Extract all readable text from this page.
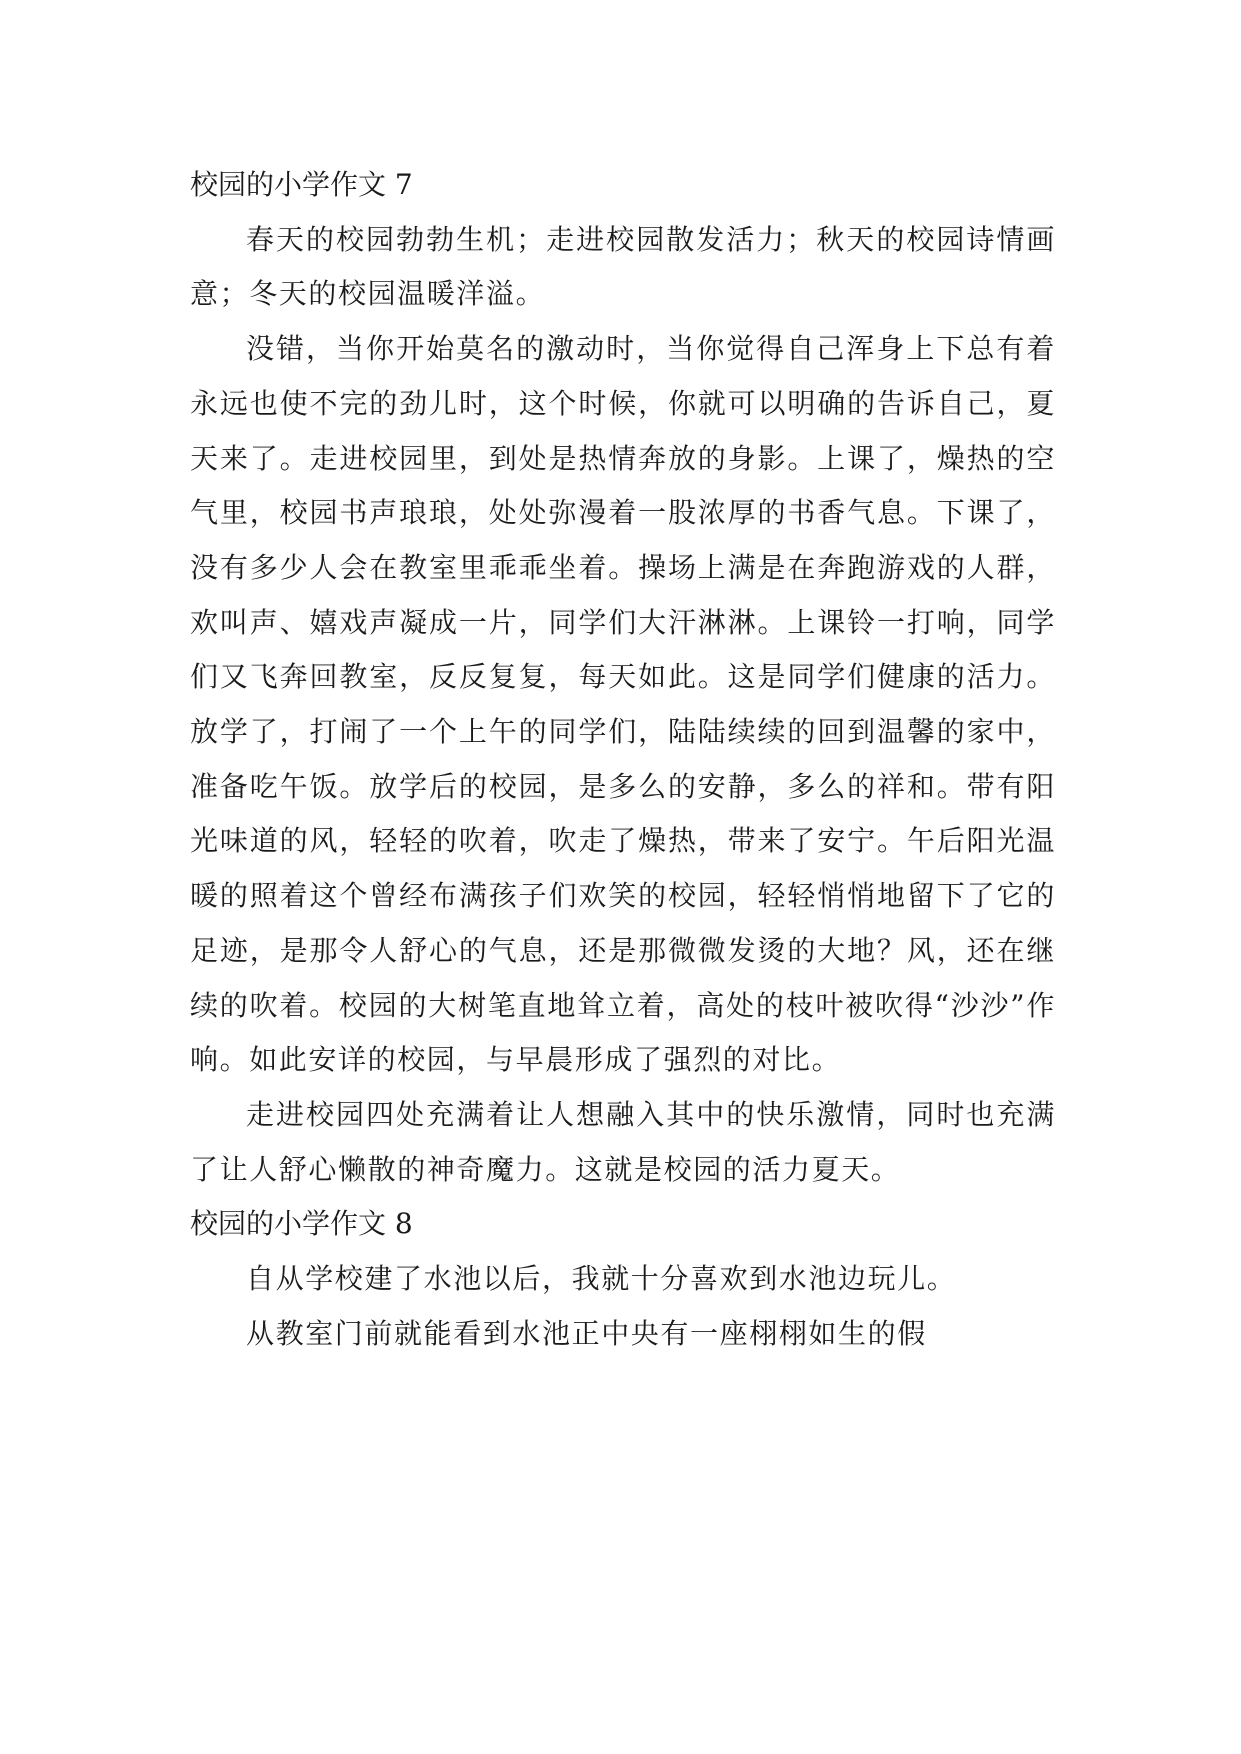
校园的小学作文 7

春天的校园勃勃生机；走进校园散发活力；秋天的校园诗情画意；冬天的校园温暖洋溢。

没错，当你开始莫名的激动时，当你觉得自己浑身上下总有着永远也使不完的劲儿时，这个时候，你就可以明确的告诉自己，夏天来了。走进校园里，到处是热情奔放的身影。上课了，燥热的空气里，校园书声琅琅，处处弥漫着一股浓厚的书香气息。下课了，没有多少人会在教室里乖乖坐着。操场上满是在奔跑游戏的人群，欢叫声、嬉戏声凝成一片，同学们大汗淋淋。上课铃一打响，同学们又飞奔回教室，反反复复，每天如此。这是同学们健康的活力。放学了，打闹了一个上午的同学们，陆陆续续的回到温馨的家中，准备吃午饭。放学后的校园，是多么的安静，多么的祥和。带有阳光味道的风，轻轻的吹着，吹走了燥热，带来了安宁。午后阳光温暖的照着这个曾经布满孩子们欢笑的校园，轻轻悄悄地留下了它的足迹，是那令人舒心的气息，还是那微微发烫的大地？风，还在继续的吹着。校园的大树笔直地耸立着，高处的枝叶被吹得“沙沙”作响。如此安详的校园，与早晨形成了强烈的对比。

走进校园四处充满着让人想融入其中的快乐激情，同时也充满了让人舒心懒散的神奇魔力。这就是校园的活力夏天。

校园的小学作文 8

自从学校建了水池以后，我就十分喜欢到水池边玩儿。

从教室门前就能看到水池正中央有一座栩栩如生的假
